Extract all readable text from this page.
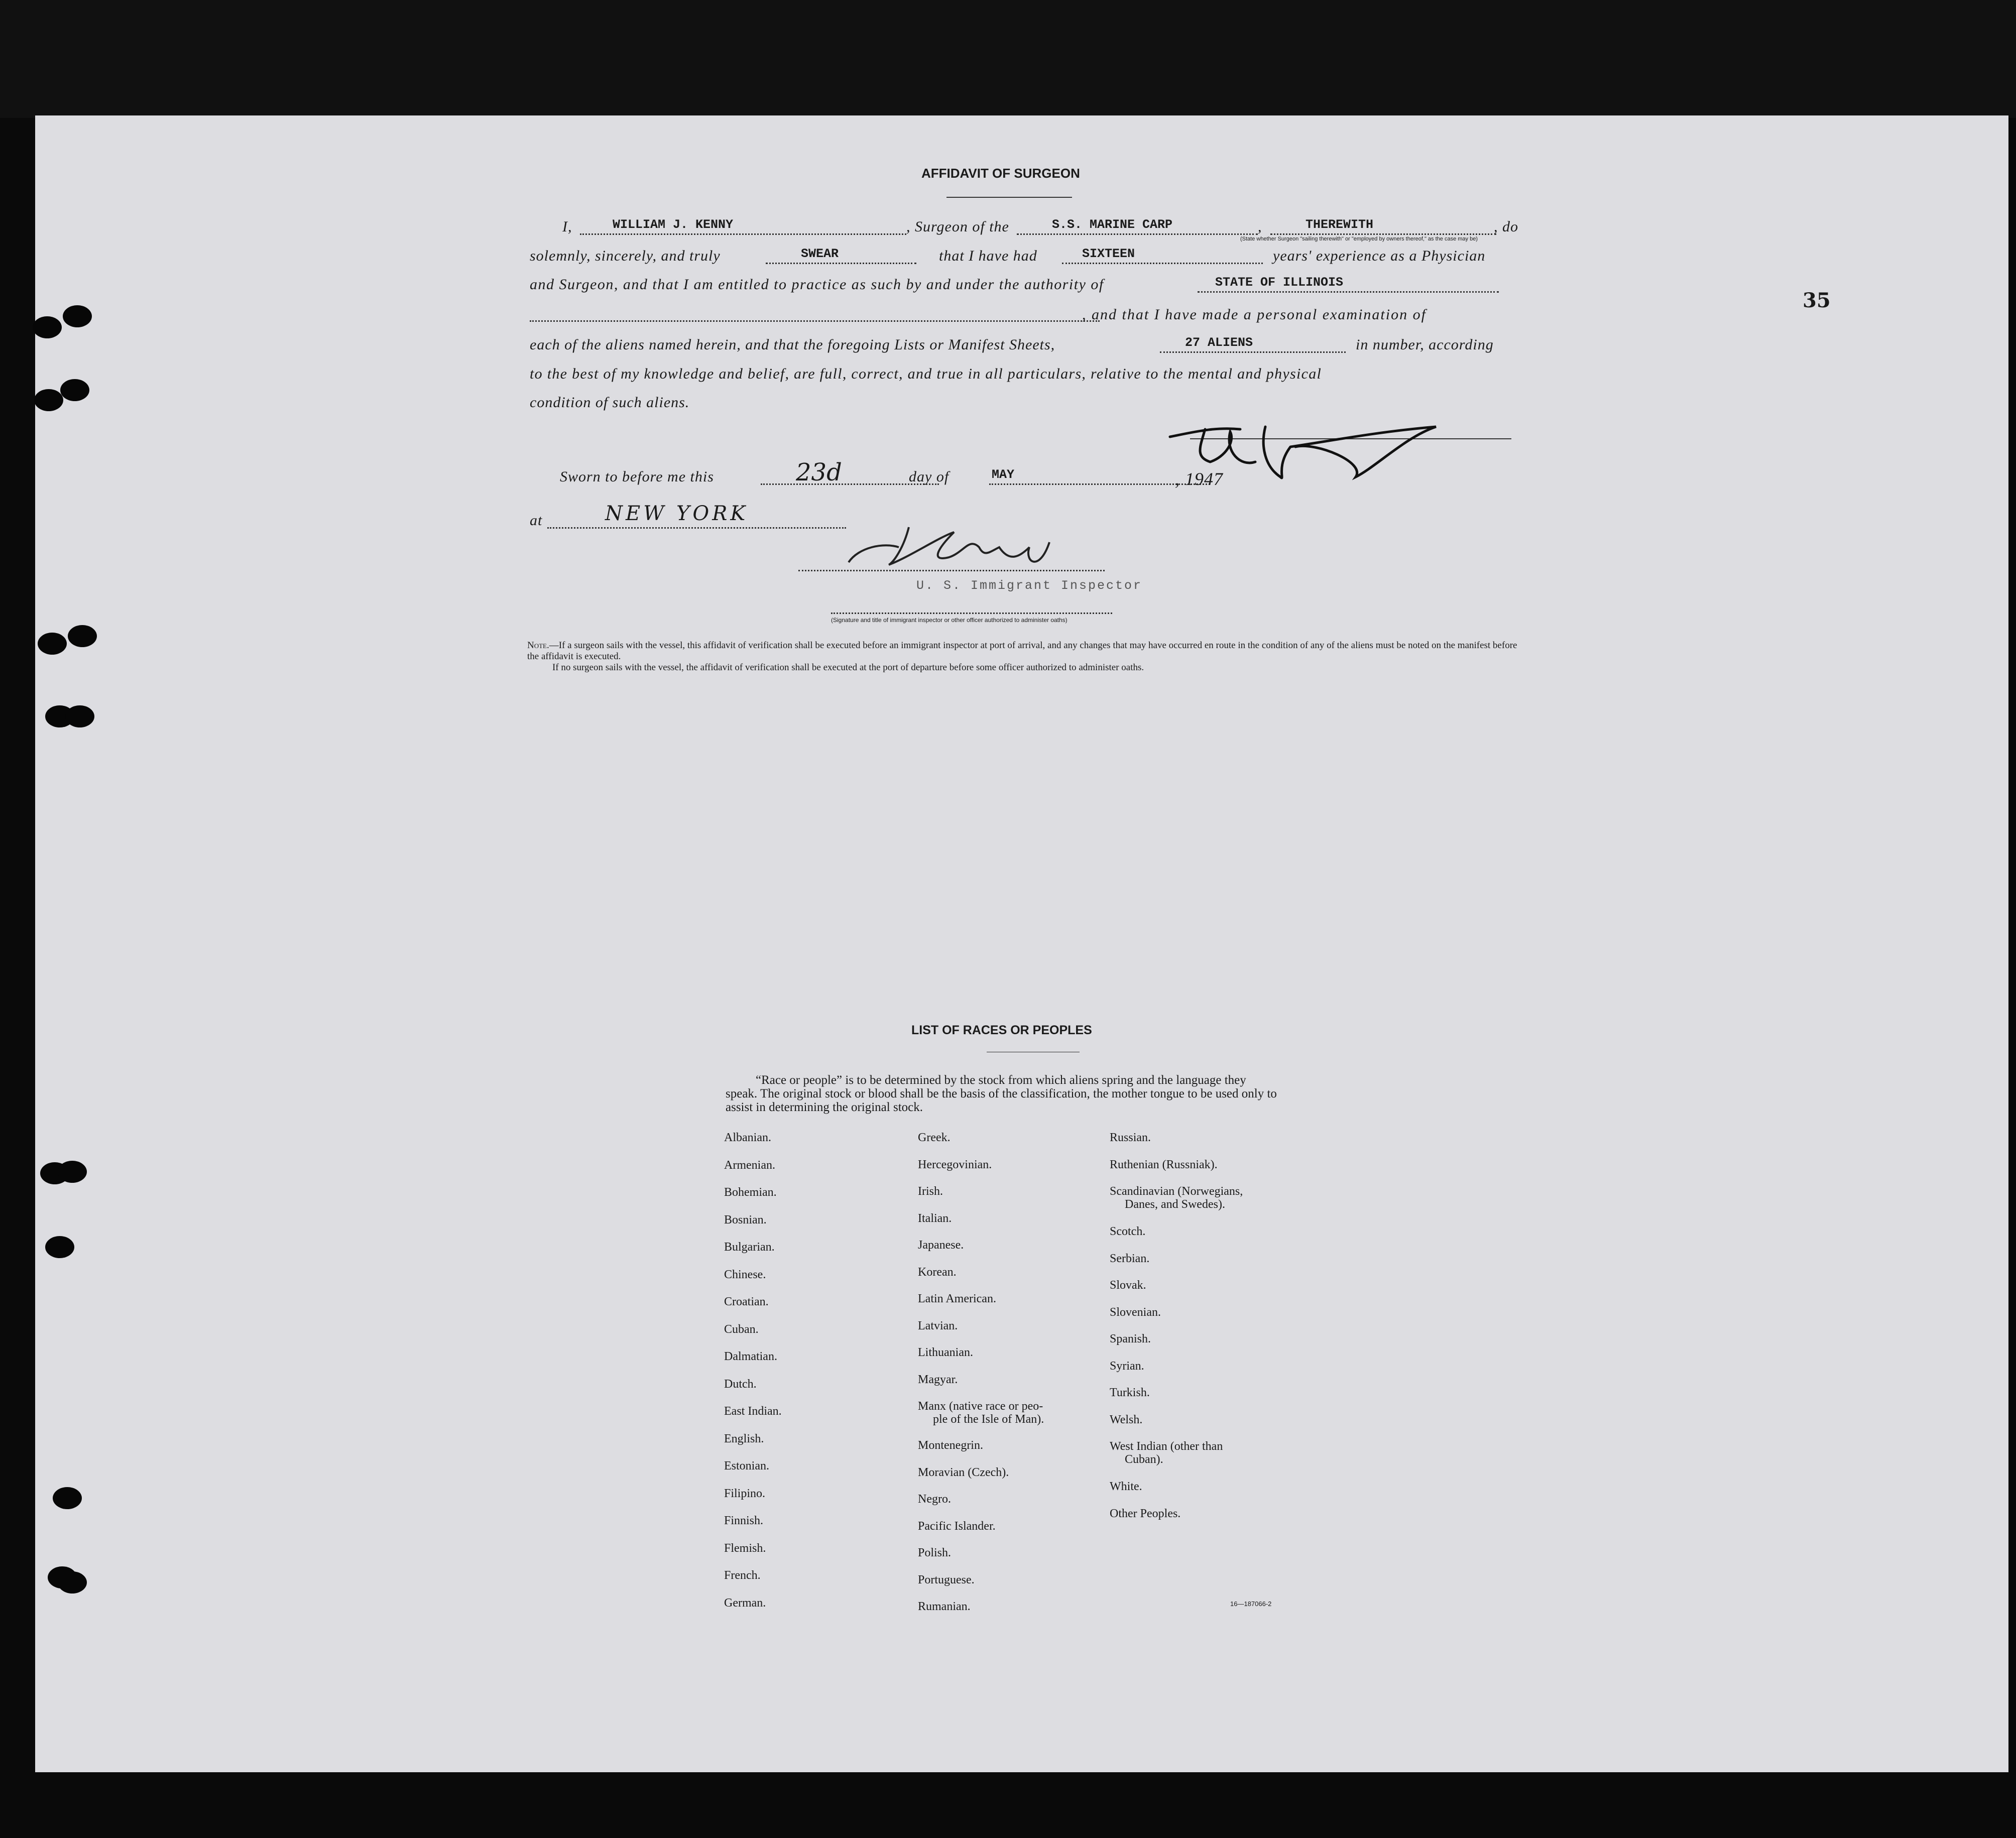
35
AFFIDAVIT OF SURGEON
I,	WILLIAM J. KENNY	, Surgeon of the	S.S. MARINE CARP	,	THEREWITH	, do
(State whether Surgeon "sailing therewith" or "employed by owners thereof," as the case may be)
solemnly, sincerely, and truly	SWEAR	that I have had	SIXTEEN	years' experience as a Physician
and Surgeon, and that I am entitled to practice as such by and under the authority of	STATE OF ILLINOIS
, and that I have made a personal examination of
each of the aliens named herein, and that the foregoing Lists or Manifest Sheets,	27 ALIENS	in number, according
to the best of my knowledge and belief, are full, correct, and true in all particulars, relative to the mental and physical
condition of such aliens.
Sworn to before me this	23d	day of	MAY	, 1947
at	NEW YORK
U. S. Immigrant Inspector
(Signature and title of immigrant inspector or other officer authorized to administer oaths)
Note.—If a surgeon sails with the vessel, this affidavit of verification shall be executed before an immigrant inspector at port of arrival, and any changes that may have occurred en route in the condition of any of the aliens must be noted on the manifest before the affidavit is executed.
If no surgeon sails with the vessel, the affidavit of verification shall be executed at the port of departure before some officer authorized to administer oaths.
LIST OF RACES OR PEOPLES
“Race or people” is to be determined by the stock from which aliens spring and the language they speak. The original stock or blood shall be the basis of the classification, the mother tongue to be used only to assist in determining the original stock.
Albanian.
Armenian.
Bohemian.
Bosnian.
Bulgarian.
Chinese.
Croatian.
Cuban.
Dalmatian.
Dutch.
East Indian.
English.
Estonian.
Filipino.
Finnish.
Flemish.
French.
German.
Greek.
Hercegovinian.
Irish.
Italian.
Japanese.
Korean.
Latin American.
Latvian.
Lithuanian.
Magyar.
Manx (native race or peo-
ple of the Isle of Man).
Montenegrin.
Moravian (Czech).
Negro.
Pacific Islander.
Polish.
Portuguese.
Rumanian.
Russian.
Ruthenian (Russniak).
Scandinavian (Norwegians,
Danes, and Swedes).
Scotch.
Serbian.
Slovak.
Slovenian.
Spanish.
Syrian.
Turkish.
Welsh.
West Indian (other than
Cuban).
White.
Other Peoples.
16—187066-2
